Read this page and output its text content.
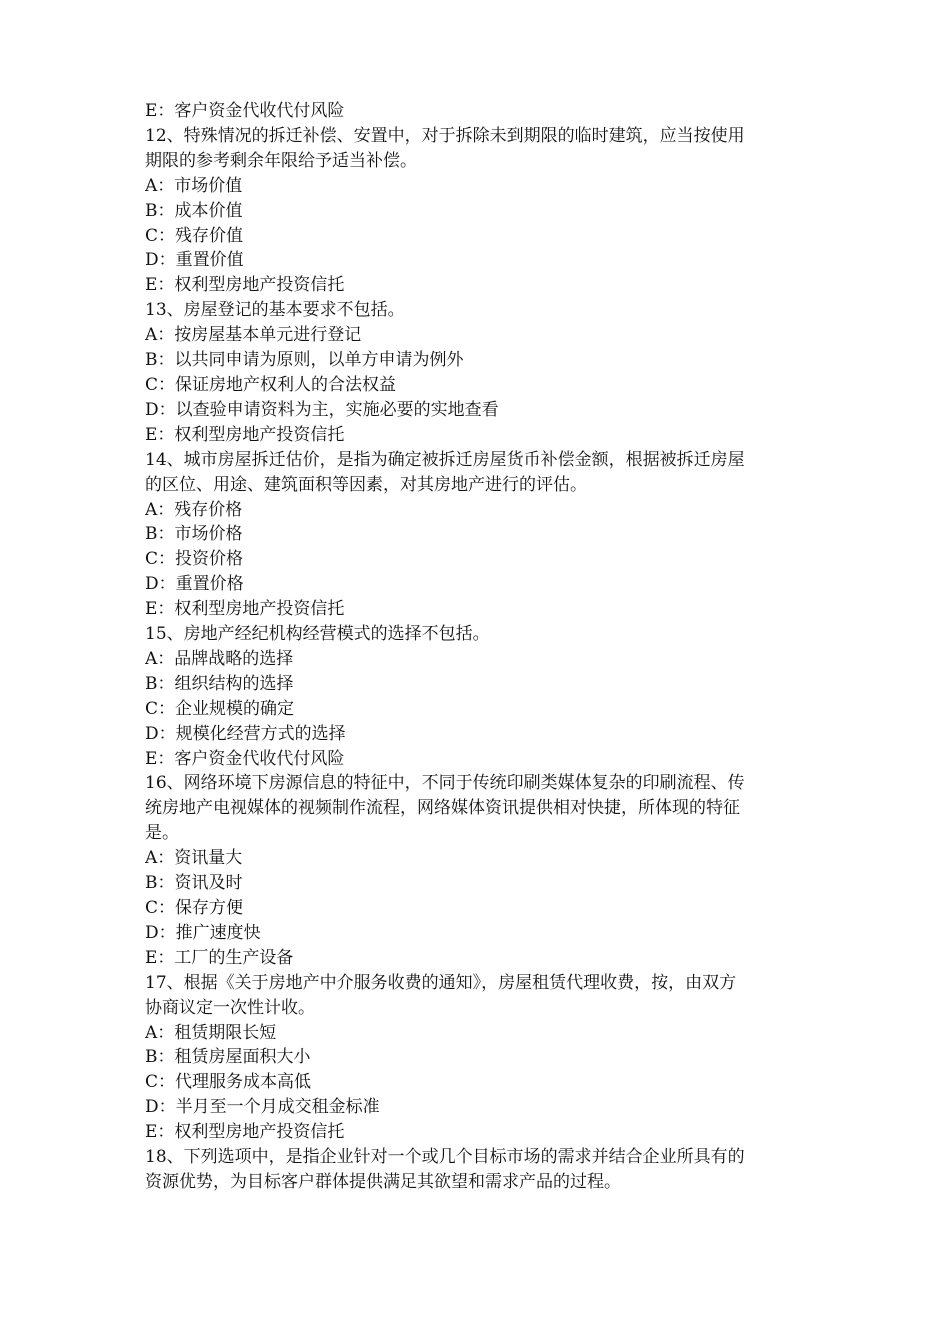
E：客户资金代收代付风险
12、特殊情况的拆迁补偿、安置中，对于拆除未到期限的临时建筑，应当按使用
期限的参考剩余年限给予适当补偿。
A：市场价值
B：成本价值
C：残存价值
D：重置价值
E：权利型房地产投资信托
13、房屋登记的基本要求不包括。
A：按房屋基本单元进行登记
B：以共同申请为原则，以单方申请为例外
C：保证房地产权利人的合法权益
D：以查验申请资料为主，实施必要的实地查看
E：权利型房地产投资信托
14、城市房屋拆迁估价，是指为确定被拆迁房屋货币补偿金额，根据被拆迁房屋
的区位、用途、建筑面积等因素，对其房地产进行的评估。
A：残存价格
B：市场价格
C：投资价格
D：重置价格
E：权利型房地产投资信托
15、房地产经纪机构经营模式的选择不包括。
A：品牌战略的选择
B：组织结构的选择
C：企业规模的确定
D：规模化经营方式的选择
E：客户资金代收代付风险
16、网络环境下房源信息的特征中，不同于传统印刷类媒体复杂的印刷流程、传
统房地产电视媒体的视频制作流程，网络媒体资讯提供相对快捷，所体现的特征
是。
A：资讯量大
B：资讯及时
C：保存方便
D：推广速度快
E：工厂的生产设备
17、根据《关于房地产中介服务收费的通知》，房屋租赁代理收费，按，由双方
协商议定一次性计收。
A：租赁期限长短
B：租赁房屋面积大小
C：代理服务成本高低
D：半月至一个月成交租金标准
E：权利型房地产投资信托
18、下列选项中，是指企业针对一个或几个目标市场的需求并结合企业所具有的
资源优势，为目标客户群体提供满足其欲望和需求产品的过程。
